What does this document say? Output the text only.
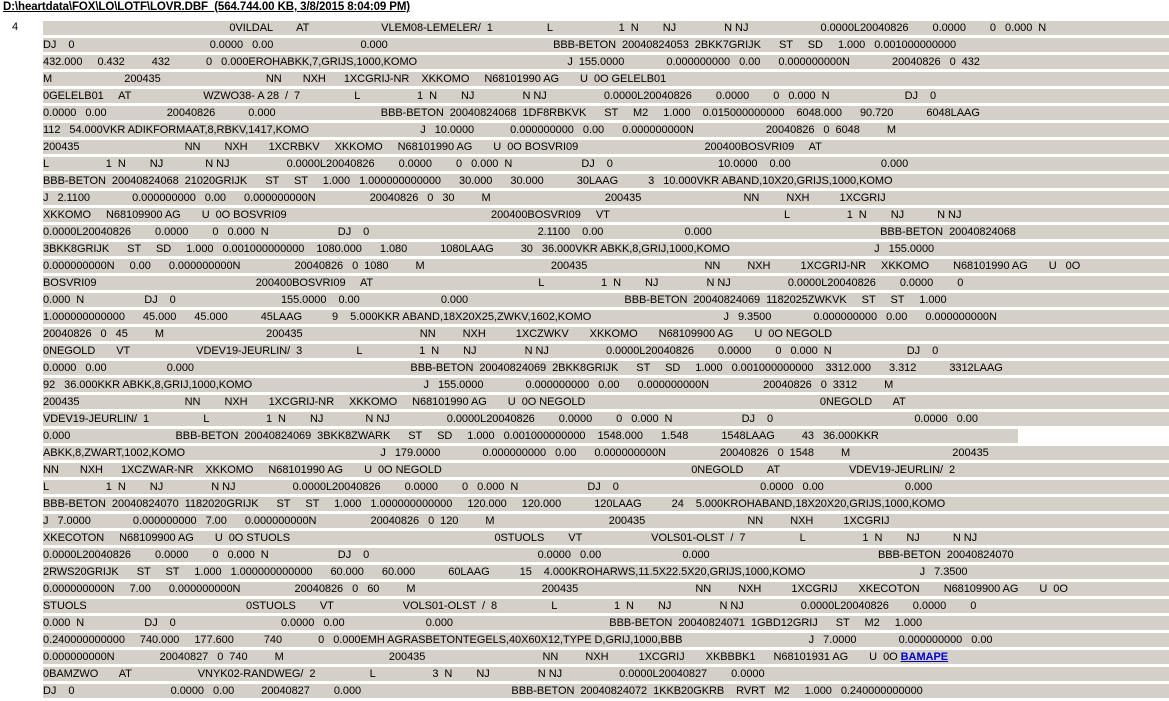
D:\heartdata\FOX\LO\LOTF\LOVR.DBF (564.744.00 KB, 3/8/2015 8:04:09 PM)
4 0VILDAL        AT                        VLEM08-LEMELER/  1                  L                      1  N        NJ                N NJ                        0.0000L20040826        0.0000        0   0.000  N
DJ    0                                             0.0000   0.00                             0.000                                                       BBB-BETON  20040824053  2BKK7GRIJK      ST     SD     1.000   0.001000000000
432.000     0.432         432            0   0.000EROHABKK,7,GRIJS,1000,KOMO                                                  J  155.0000              0.000000000   0.00      0.000000000N              20040826   0  432
M                        200435                                   NN       NXH      1XCGRIJ-NR    XKKOMO     N68101990 AG       U  0O GELELB01
0GELELB01     AT                        WZWO38- A 28  /  7                  L                   1  N        NJ                N NJ                   0.0000L20040826        0.0000        0   0.000  N                         DJ    0
0.0000   0.00                    20040826           0.000                                   BBB-BETON  20040824068  1DF8RBKVK      ST     M2     1.000    0.015000000000    6048.000      90.720           6048LAAG
112   54.000VKR ADIKFORMAAT,8,RBKV,1417,KOMO                                     J   10.0000            0.000000000   0.00      0.000000000N                        20040826   0  6048         M
200435                                   NN        NXH       1XCRBKV     XKKOMO     N68101990 AG       U  0O BOSVRI09                                          200400BOSVRI09     AT
L                   1  N        NJ              N NJ                   0.0000L20040826        0.0000        0   0.000  N                       DJ    0                                   10.0000    0.00                              0.000
BBB-BETON  20040824068  21020GRIJK      ST     ST     1.000   1.000000000000      30.000      30.000           30LAAG          3   10.000VKR ABAND,10X20,GRIJS,1000,KOMO
J   2.1100              0.000000000   0.00      0.000000000N                  20040826   0   30         M                                      200435                                  NN         NXH          1XCGRIJ
XKKOMO     N68109900 AG       U  0O BOSVRI09                                                                    200400BOSVRI09     VT                                                          L                   1  N        NJ           N NJ
0.0000L20040826        0.0000        0   0.000  N                       DJ    0                                                        2.1100    0.00                           0.000                                                        BBB-BETON  20040824068
3BKK8GRIJK      ST     SD     1.000   0.001000000000    1080.000      1.080           1080LAAG         30   36.000VKR ABKK,8,GRIJ,1000,KOMO                                                J   155.0000
0.000000000N     0.00      0.000000000N                  20040826   0  1080         M                                          200435                                       NN         NXH          1XCGRIJ-NR     XKKOMO        N68101990 AG       U   0O
BOSVRI09                                                     200400BOSVRI09     AT                                                       L                   1  N        NJ                N NJ                   0.0000L20040826        0.0000        0
0.000  N                    DJ    0                                   155.0000    0.00                           0.000                                                    BBB-BETON  20040824069  1182025ZWKVK     ST     ST     1.000
1.000000000000      45.000      45.000           45LAAG          9    5.000KKR ABAND,18X20X25,ZWKV,1602,KOMO                                            J   9.3500              0.000000000   0.00      0.000000000N
20040826   0   45         M                                  200435                                       NN         NXH          1XCZWKV       XKKOMO       N68109900 AG       U  0O NEGOLD
0NEGOLD       VT                      VDEV19-JEURLIN/  3                  L                   1  N        NJ                N NJ                   0.0000L20040826        0.0000        0   0.000  N                         DJ    0
0.0000   0.00                    0.000                                                                        BBB-BETON  20040824069  2BKK8GRIJK      ST     SD     1.000   0.001000000000    3312.000      3.312           3312LAAG
92   36.000KKR ABKK,8,GRIJ,1000,KOMO                                                         J   155.0000              0.000000000   0.00      0.000000000N                  20040826   0  3312         M
200435                                   NN        NXH       1XCGRIJ-NR     XKKOMO     N68101990 AG       U  0O NEGOLD                                                                              0NEGOLD       AT
VDEV19-JEURLIN/  1                  L                   1  N        NJ              N NJ                   0.0000L20040826        0.0000        0   0.000  N                       DJ    0                                               0.0000   0.00
0.000                                   BBB-BETON  20040824069  3BKK8ZWARK      ST     SD     1.000   0.001000000000    1548.000      1.548           1548LAAG         43   36.000KKR
ABKK,8,ZWART,1002,KOMO                                                                 J   179.0000              0.000000000   0.00      0.000000000N                  20040826   0  1548         M                                  200435
NN       NXH      1XCZWAR-NR    XKKOMO     N68101990 AG       U  0O NEGOLD                                                                                   0NEGOLD        AT                       VDEV19-JEURLIN/  2
L                   1  N        NJ                N NJ                   0.0000L20040826        0.0000        0   0.000  N                       DJ    0                                               0.0000   0.00                           0.000
BBB-BETON  20040824070  1182020GRIJK      ST     ST     1.000   1.000000000000     120.000     120.000           120LAAG          24    5.000KROHABAND,18X20X20,GRIJS,1000,KOMO
J   7.0000              0.000000000   7.00      0.000000000N                  20040826   0  120         M                                      200435                                  NN         NXH          1XCGRIJ
XKECOTON     N68109900 AG       U  0O STUOLS                                                                    0STUOLS        VT                       VOLS01-OLST  /  7                  L                   1  N        NJ           N NJ
0.0000L20040826        0.0000        0   0.000  N                       DJ    0                                                        0.0000   0.00                           0.000                                                        BBB-BETON  20040824070
2RWS20GRIJK      ST     ST     1.000   1.000000000000      60.000      60.000           60LAAG          15    4.000KROHARWS,11.5X22.5X20,GRIJS,1000,KOMO                                      J   7.3500
0.000000000N     7.00      0.000000000N                  20040826   0   60         M                                          200435                                       NN         NXH          1XCGRIJ       XKECOTON        N68109900 AG       U  0O
STUOLS                                                     0STUOLS        VT                       VOLS01-OLST  /  8                  L                   1  N        NJ                N NJ                   0.0000L20040826        0.0000        0
0.000  N                    DJ    0                                   0.0000   0.00                           0.000                                                    BBB-BETON  20040824071  1GBD12GRIJ      ST     M2     1.000
0.240000000000     740.000     177.600          740            0   0.000EMH AGRASBETONTEGELS,40X60X12,TYPE D,GRIJ,1000,BBB                                          J   7.0000              0.000000000   0.00
0.000000000N               20040827   0  740         M                                   200435                                       NN         NXH          1XCGRIJ       XKBBBK1      N68101931 AG       U  0O BAMAPE
0BAMZWO       AT                      VNYK02-RANDWEG/  2                  L                   3  N        NJ                N NJ                   0.0000L20040827        0.0000
DJ    0                                0.0000   0.00         20040827        0.000                                                  BBB-BETON  20040824072  1KKB20GKRB    RVRT   M2     1.000   0.240000000000
